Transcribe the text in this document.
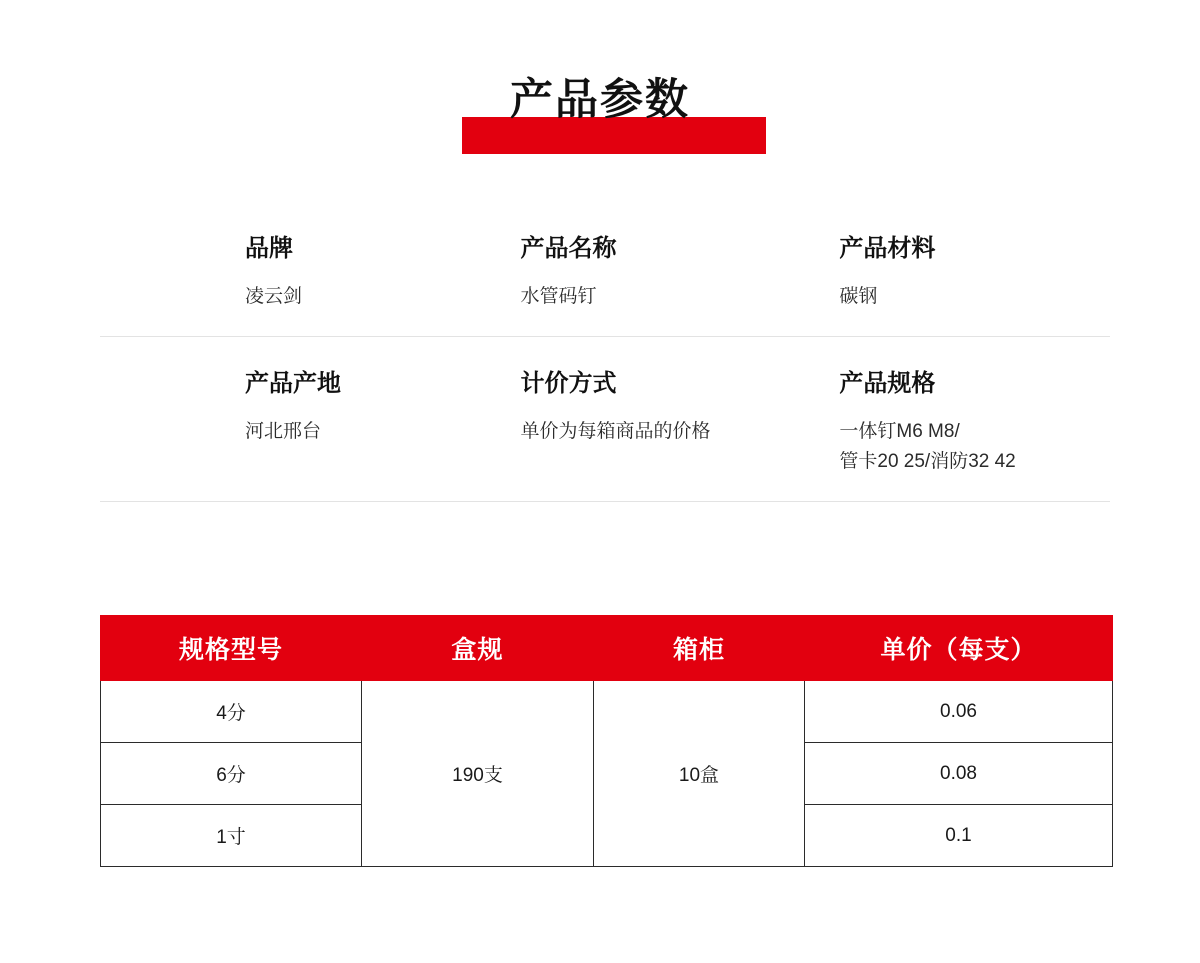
产品参数
品牌
凌云剑
产品名称
水管码钉
产品材料
碳钢
产品产地
河北邢台
计价方式
单价为每箱商品的价格
产品规格
一体钉M6 M8/
管卡20 25/消防32 42
规格型号	盒规	箱柜	单价（每支）
4分	190支	10盒	0.06
6分			0.08
1寸			0.1
